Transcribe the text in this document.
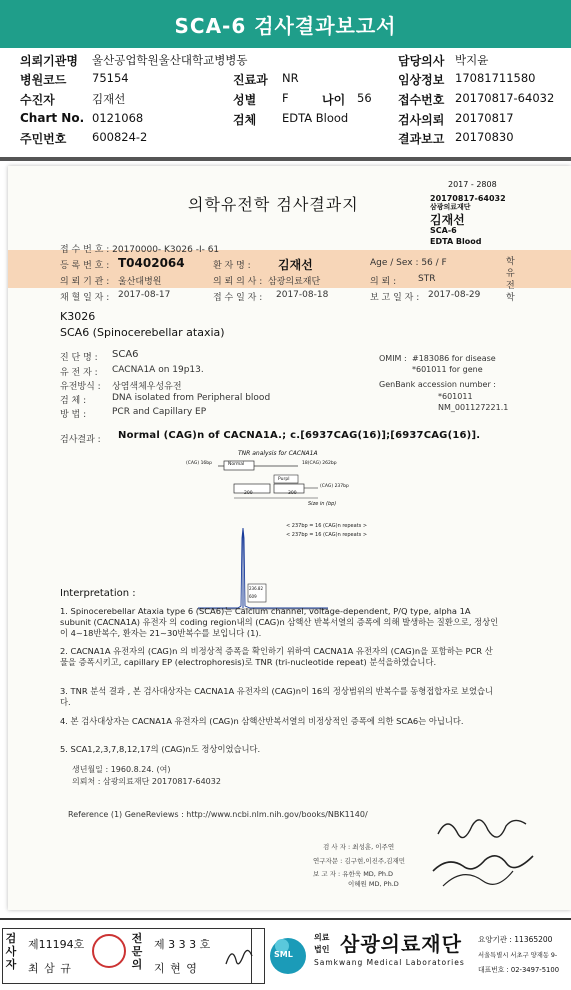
SCA-6 검사결과보고서
의뢰기관명 울산공업학원울산대학교병병동	담당의사 박지윤
병원코드 75154	진료과 NR	임상정보 17081711580
수진자	김재선	성별 F	나이 56 접수번호 20170817-64032
Chart No. 0121068	검체 EDTA Blood	검사의뢰 20170817
주민번호 600824-2	결과보고 20170830
의학유전학 검사결과지
2017 - 2808
20170817-64032
삼광의료재단
김재선
SCA-6
EDTA Blood
접 수 번 호 : 20170000- K3026 -I- 61
등 록 번 호 : T0402064	환 자 명 : 김재선	Age / Sex : 56 / F	학 유 전 학
의 뢰 기 관 : 울산대병원	의 뢰 의 사 : 삼광의료재단	의 뢰 : STR
채 혈 일 자 : 2017-08-17	접 수 일 자 : 2017-08-18	보 고 일 자 : 2017-08-29
K3026
SCA6 (Spinocerebellar ataxia)
진 단 명 : SCA6
유 전 자 : CACNA1A on 19p13.
유전방식 : 상염색체우성유전
검 체 :	DNA isolated from Peripheral blood
방 법 :	PCR and Capillary EP
OMIM : #183086 for disease
*601011 for gene
GenBank accession number :
*601011
NM_001127221.1
검사결과 : Normal (CAG)n of CACNA1A.; c.[6937CAG(16)];[6937CAG(16)].
TNR analysis for CACNA1A
(CAG) 16bp	Normal	18(CAG) 262bp
Purpl
(CAG) 237bp
200	300
Size in (bp)
< 237bp = 16 (CAG)n repeats >
< 237bp = 16 (CAG)n repeats >
236.82
609
Interpretation :
1. Spinocerebellar Ataxia type 6 (SCA6)는 Calcium channel, voltage-dependent, P/Q type, alpha 1A subunit (CACNA1A) 유전자 의 coding region내의 (CAG)n 삼핵산 반복서열의 증폭에 의해 발생하는 질환으로, 정상인이 4~18반복수, 환자는 21~30반복수를 보입니다 (1).
2. CACNA1A 유전자의 (CAG)n 의 비정상적 증폭을 확인하기 위하여 CACNA1A 유전자의 (CAG)n을 포함하는 PCR 산물을 증폭시키고, capillary EP (electrophoresis)로 TNR (tri-nucleotide repeat) 분석을하였습니다.
3. TNR 분석 결과 , 본 검사대상자는 CACNA1A 유전자의 (CAG)n이 16의 정상범위의 반복수를 동형접합자로 보였습니다.
4. 본 검사대상자는 CACNA1A 유전자의 (CAG)n 삼핵산반복서열의 비정상적인 증폭에 의한 SCA6는 아닙니다.
5. SCA1,2,3,7,8,12,17의 (CAG)n도 정상이었습니다.
생년월일 : 1960.8.24. (여)
의뢰처 : 삼광의료재단 20170817-64032
Reference (1) GeneReviews : http://www.ncbi.nlm.nih.gov/books/NBK1140/
검 사 자 : 최성훈, 이주연
연구자문 : 김구현,이진주,김재민
보 고 자 : 유한욱 MD, Ph.D
이혜원 MD, Ph.D
검사자
제11194호
최 삼 규
전문의
제 3 3 3 호
지 현 영
SML
의료
법인 삼광의료재단
Samkwang Medical Laboratories
요양기관 : 11365200
서울특별시 서초구 양재동 9-
대표번호 : 02-3497-5100
